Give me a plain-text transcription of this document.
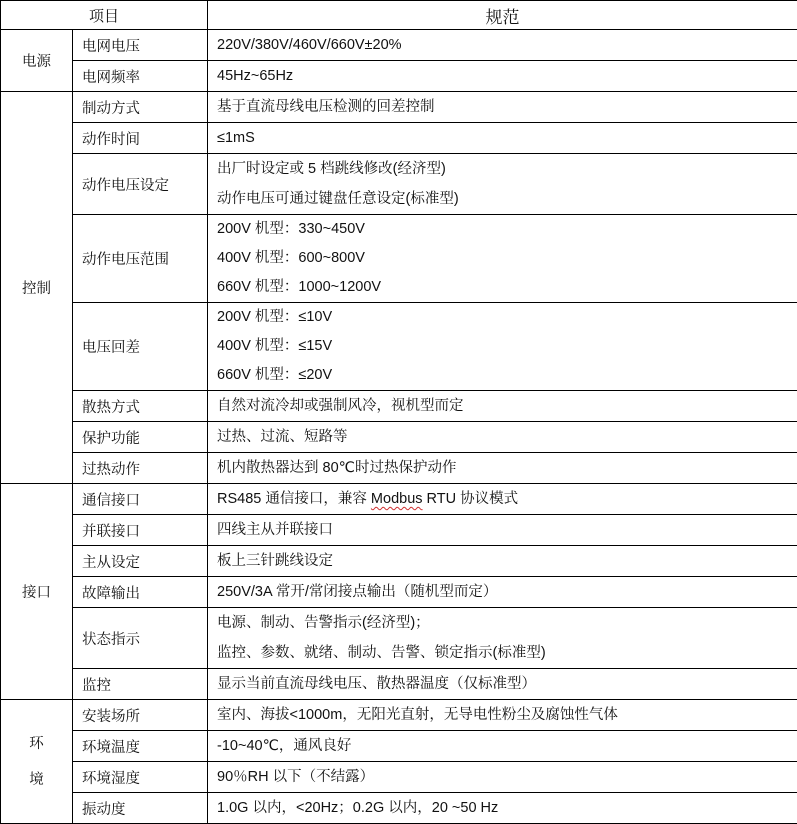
项目		规范
电源	电网电压	220V/380V/460V/660V±20%

	电网频率	45Hz~65Hz

控制	制动方式	基于直流母线电压检测的回差控制

	动作时间	≤1mS

	动作电压设定	出厂时设定或 5 档跳线修改(经济型)
动作电压可通过键盘任意设定(标准型)

	动作电压范围	200V 机型：330~450V
400V 机型：600~800V
660V 机型：1000~1200V

	电压回差	200V 机型：≤10V
400V 机型：≤15V
660V 机型：≤20V

	散热方式	自然对流冷却或强制风冷，视机型而定

	保护功能	过热、过流、短路等

	过热动作	机内散热器达到 80℃时过热保护动作

接口	通信接口	RS485 通信接口，兼容 Modbus RTU 协议模式

	并联接口	四线主从并联接口

	主从设定	板上三针跳线设定

	故障输出	250V/3A 常开/常闭接点输出（随机型而定）

	状态指示	电源、制动、告警指示(经济型)；
监控、参数、就绪、制动、告警、锁定指示(标准型)

	监控	显示当前直流母线电压、散热器温度（仅标准型）

环
境	安装场所	室内、海拔<1000m，无阳光直射，无导电性粉尘及腐蚀性气体

	环境温度	-10~40℃，通风良好

	环境湿度	90％RH 以下（不结露）

	振动度	1.0G 以内，<20Hz；0.2G 以内，20 ~50 Hz
